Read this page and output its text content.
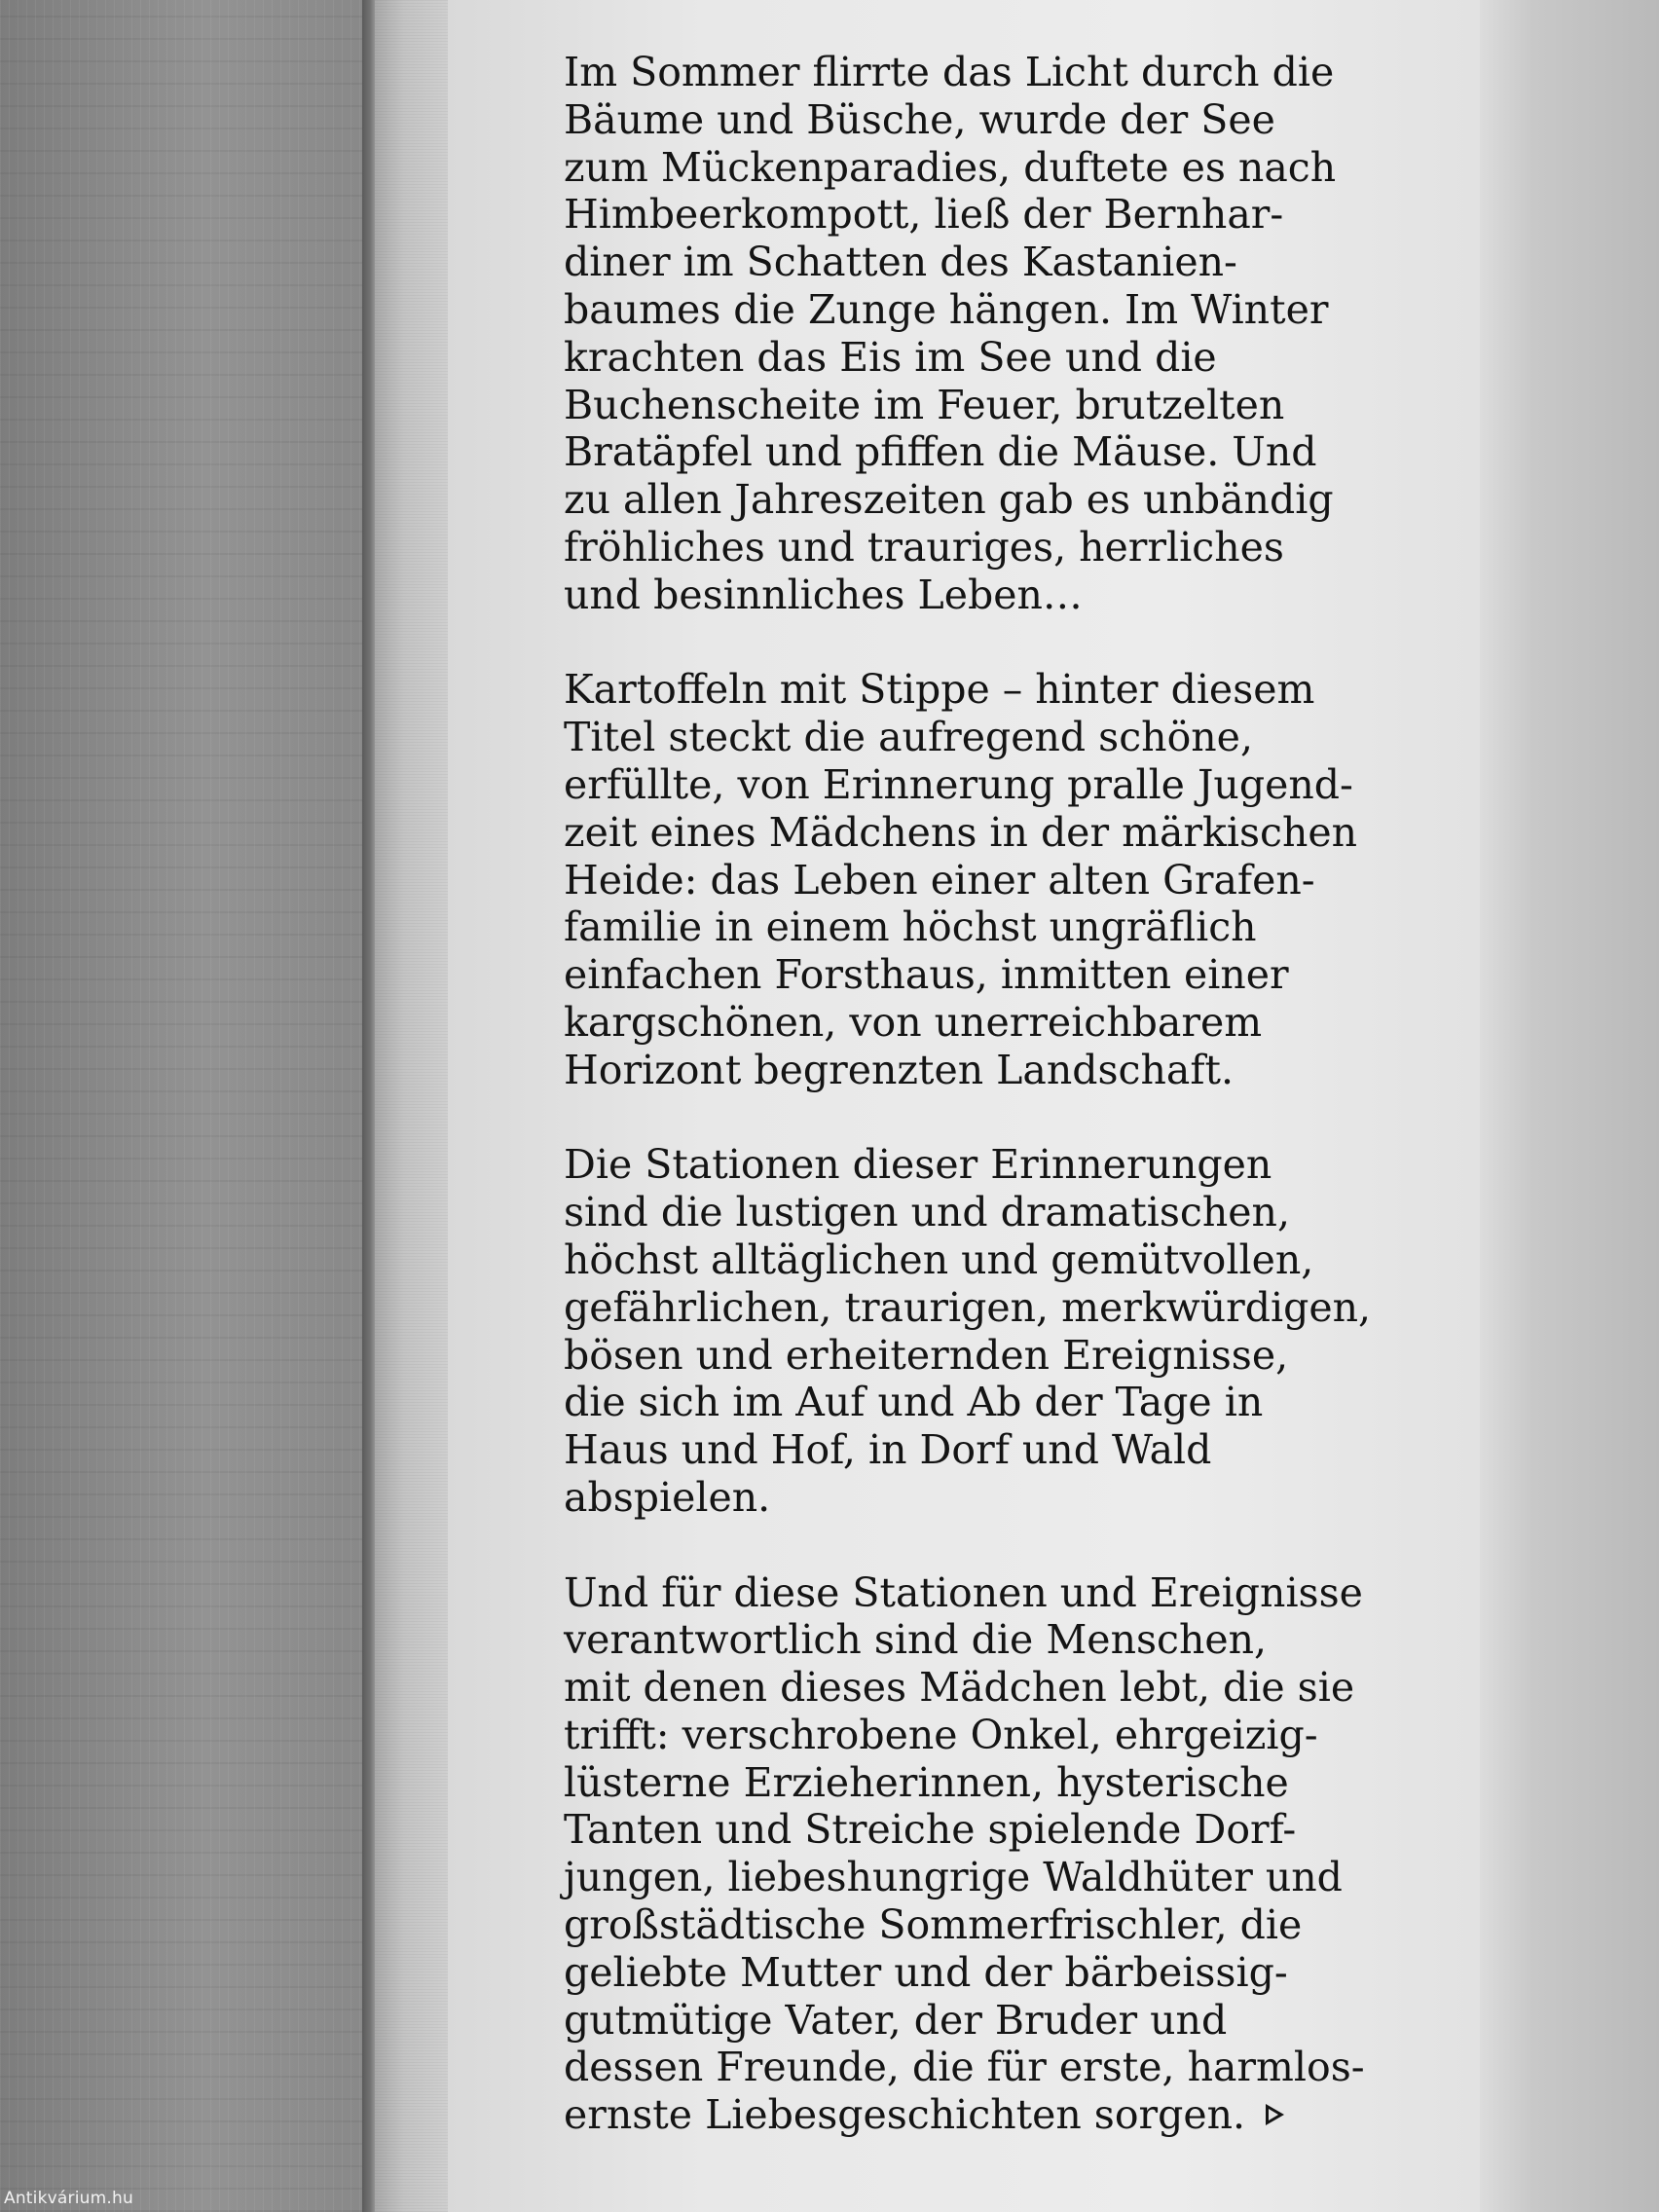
Im Sommer flirrte das Licht durch die
Bäume und Büsche, wurde der See
zum Mückenparadies, duftete es nach
Himbeerkompott, ließ der Bernhar-
diner im Schatten des Kastanien-
baumes die Zunge hängen. Im Winter
krachten das Eis im See und die
Buchenscheite im Feuer, brutzelten
Bratäpfel und pfiffen die Mäuse. Und
zu allen Jahreszeiten gab es unbändig
fröhliches und trauriges, herrliches
und besinnliches Leben…

Kartoffeln mit Stippe – hinter diesem
Titel steckt die aufregend schöne,
erfüllte, von Erinnerung pralle Jugend-
zeit eines Mädchens in der märkischen
Heide: das Leben einer alten Grafen-
familie in einem höchst ungräflich
einfachen Forsthaus, inmitten einer
kargschönen, von unerreichbarem
Horizont begrenzten Landschaft.

Die Stationen dieser Erinnerungen
sind die lustigen und dramatischen,
höchst alltäglichen und gemütvollen,
gefährlichen, traurigen, merkwürdigen,
bösen und erheiternden Ereignisse,
die sich im Auf und Ab der Tage in
Haus und Hof, in Dorf und Wald
abspielen.

Und für diese Stationen und Ereignisse
verantwortlich sind die Menschen,
mit denen dieses Mädchen lebt, die sie
trifft: verschrobene Onkel, ehrgeizig-
lüsterne Erzieherinnen, hysterische
Tanten und Streiche spielende Dorf-
jungen, liebeshungrige Waldhüter und
großstädtische Sommerfrischler, die
geliebte Mutter und der bärbeissig-
gutmütige Vater, der Bruder und
dessen Freunde, die für erste, harmlos-
ernste Liebesgeschichten sorgen.

Antikvárium.hu
